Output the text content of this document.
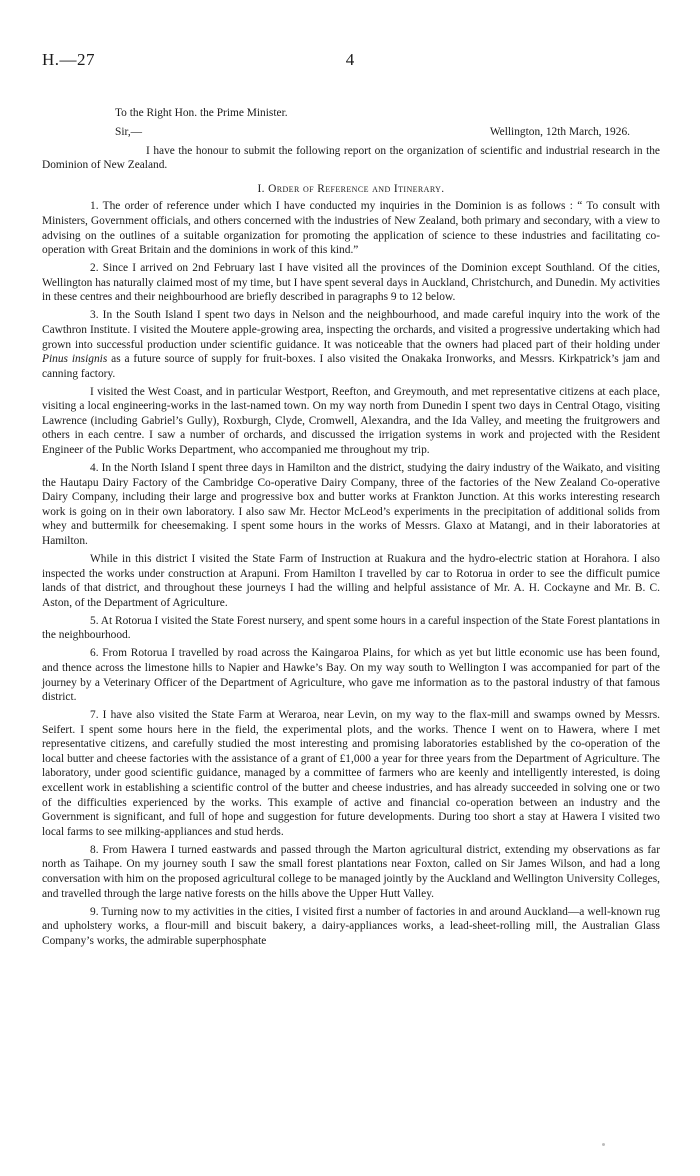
H.—27	4
To the Right Hon. the Prime Minister.
Sir,—	Wellington, 12th March, 1926.

I have the honour to submit the following report on the organization of scientific and industrial research in the Dominion of New Zealand.

I. Order of Reference and Itinerary.

1. The order of reference under which I have conducted my inquiries in the Dominion is as follows : “ To consult with Ministers, Government officials, and others concerned with the industries of New Zealand, both primary and secondary, with a view to advising on the outlines of a suitable organization for promoting the application of science to these industries and facilitating co-operation with Great Britain and the dominions in work of this kind.”

2. Since I arrived on 2nd February last I have visited all the provinces of the Dominion except Southland. Of the cities, Wellington has naturally claimed most of my time, but I have spent several days in Auckland, Christchurch, and Dunedin. My activities in these centres and their neighbourhood are briefly described in paragraphs 9 to 12 below.

3. In the South Island I spent two days in Nelson and the neighbourhood, and made careful inquiry into the work of the Cawthron Institute. I visited the Moutere apple-growing area, inspecting the orchards, and visited a progressive undertaking which had grown into successful production under scientific guidance. It was noticeable that the owners had placed part of their holding under Pinus insignis as a future source of supply for fruit-boxes. I also visited the Onakaka Ironworks, and Messrs. Kirkpatrick’s jam and canning factory.

I visited the West Coast, and in particular Westport, Reefton, and Greymouth, and met representative citizens at each place, visiting a local engineering-works in the last-named town. On my way north from Dunedin I spent two days in Central Otago, visiting Lawrence (including Gabriel’s Gully), Roxburgh, Clyde, Cromwell, Alexandra, and the Ida Valley, and meeting the fruitgrowers and others in each centre. I saw a number of orchards, and discussed the irrigation systems in work and projected with the Resident Engineer of the Public Works Department, who accompanied me throughout my trip.

4. In the North Island I spent three days in Hamilton and the district, studying the dairy industry of the Waikato, and visiting the Hautapu Dairy Factory of the Cambridge Co-operative Dairy Company, three of the factories of the New Zealand Co-operative Dairy Company, including their large and progressive box and butter works at Frankton Junction. At this works interesting research work is going on in their own laboratory. I also saw Mr. Hector McLeod’s experiments in the precipitation of additional solids from whey and buttermilk for cheesemaking. I spent some hours in the works of Messrs. Glaxo at Matangi, and in their laboratories at Hamilton.

While in this district I visited the State Farm of Instruction at Ruakura and the hydro-electric station at Horahora. I also inspected the works under construction at Arapuni. From Hamilton I travelled by car to Rotorua in order to see the difficult pumice lands of that district, and throughout these journeys I had the willing and helpful assistance of Mr. A. H. Cockayne and Mr. B. C. Aston, of the Department of Agriculture.

5. At Rotorua I visited the State Forest nursery, and spent some hours in a careful inspection of the State Forest plantations in the neighbourhood.

6. From Rotorua I travelled by road across the Kaingaroa Plains, for which as yet but little economic use has been found, and thence across the limestone hills to Napier and Hawke’s Bay. On my way south to Wellington I was accompanied for part of the journey by a Veterinary Officer of the Department of Agriculture, who gave me information as to the pastoral industry of that famous district.

7. I have also visited the State Farm at Weraroa, near Levin, on my way to the flax-mill and swamps owned by Messrs. Seifert. I spent some hours here in the field, the experimental plots, and the works. Thence I went on to Hawera, where I met representative citizens, and carefully studied the most interesting and promising laboratories established by the co-operation of the local butter and cheese factories with the assistance of a grant of £1,000 a year for three years from the Department of Agriculture. The laboratory, under good scientific guidance, managed by a committee of farmers who are keenly and intelligently interested, is doing excellent work in establishing a scientific control of the butter and cheese industries, and has already succeeded in solving one or two of the difficulties experienced by the works. This example of active and financial co-operation between an industry and the Government is significant, and full of hope and suggestion for future developments. During too short a stay at Hawera I visited two local farms to see milking-appliances and stud herds.

8. From Hawera I turned eastwards and passed through the Marton agricultural district, extending my observations as far north as Taihape. On my journey south I saw the small forest plantations near Foxton, called on Sir James Wilson, and had a long conversation with him on the proposed agricultural college to be managed jointly by the Auckland and Wellington University Colleges, and travelled through the large native forests on the hills above the Upper Hutt Valley.

9. Turning now to my activities in the cities, I visited first a number of factories in and around Auckland—a well-known rug and upholstery works, a flour-mill and biscuit bakery, a dairy-appliances works, a lead-sheet-rolling mill, the Australian Glass Company’s works, the admirable superphosphate
